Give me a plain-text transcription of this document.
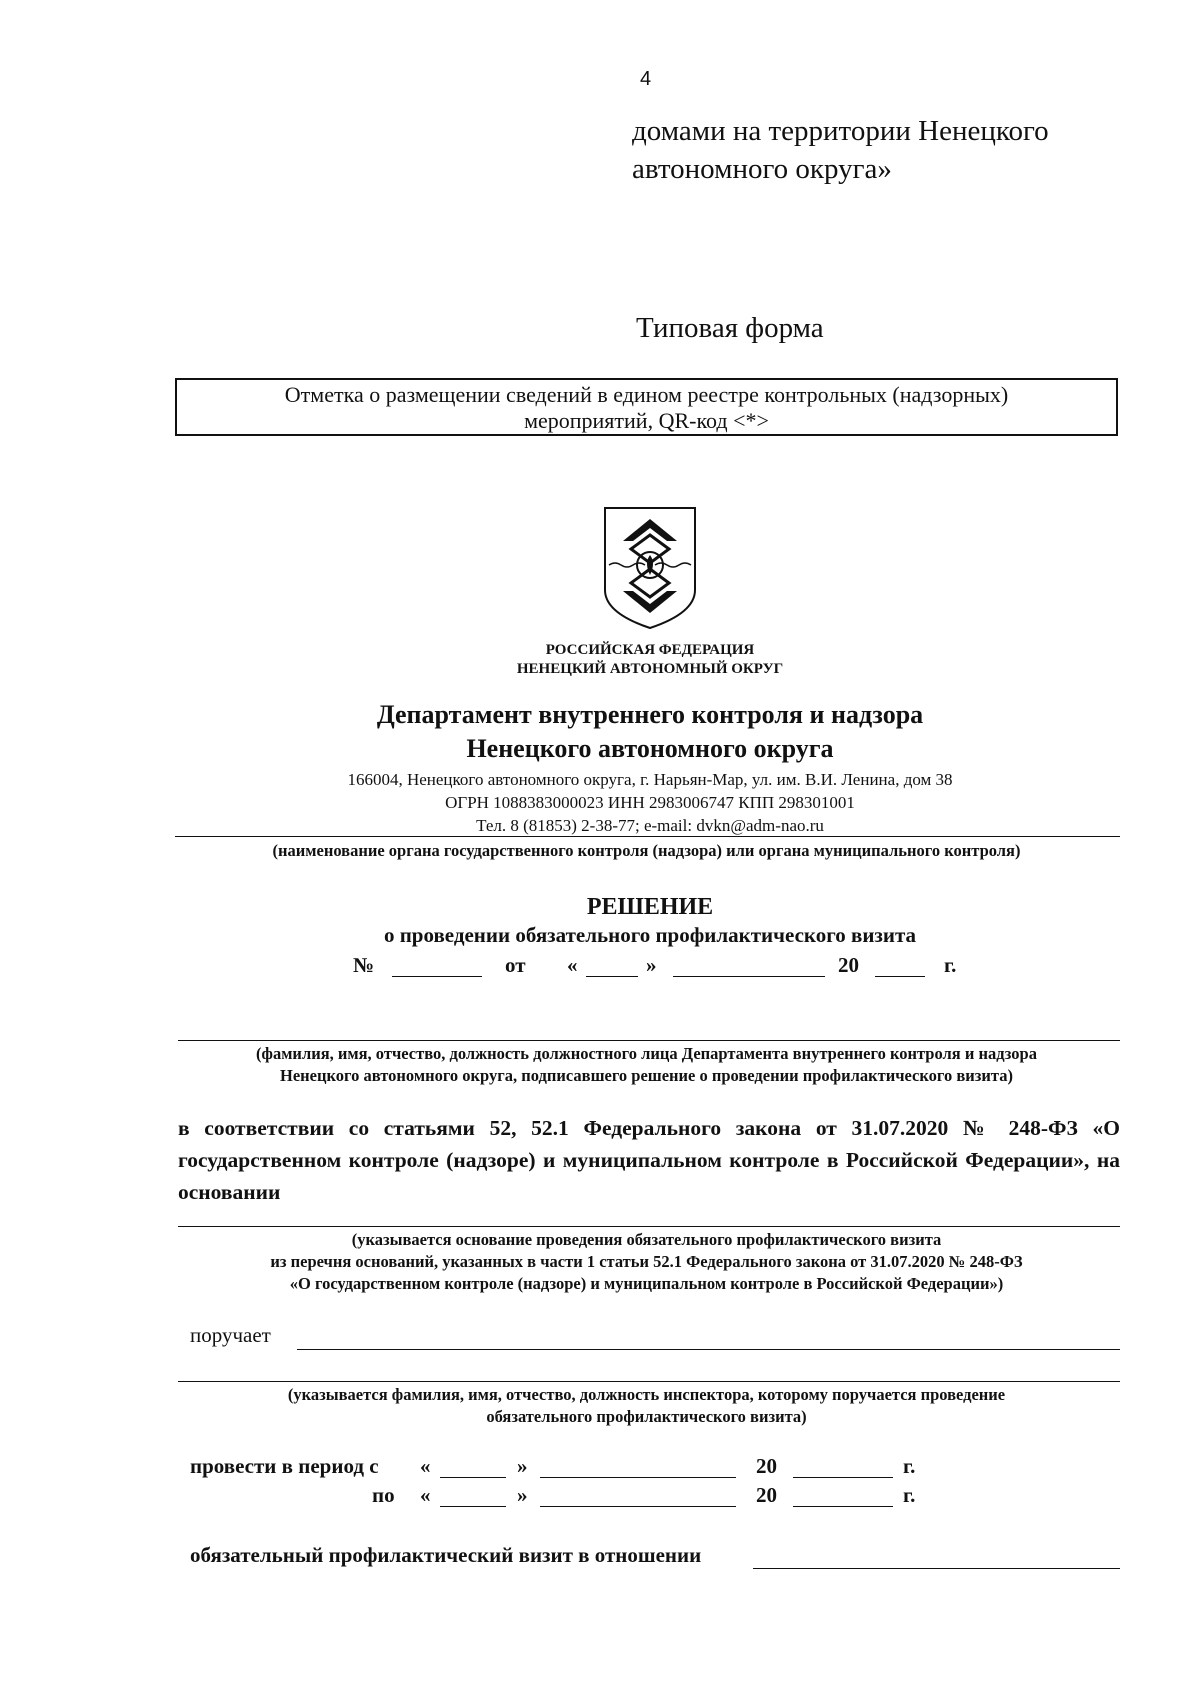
4
домами на территории Ненецкого
автономного округа»
Типовая форма
Отметка о размещении сведений в едином реестре контрольных (надзорных)
мероприятий, QR-код <*>
РОССИЙСКАЯ ФЕДЕРАЦИЯ
НЕНЕЦКИЙ АВТОНОМНЫЙ ОКРУГ
Департамент внутреннего контроля и надзора
Ненецкого автономного округа
166004, Ненецкого автономного округа, г. Нарьян-Мар, ул. им. В.И. Ленина, дом 38
ОГРН 1088383000023 ИНН 2983006747 КПП 298301001
Тел. 8 (81853) 2-38-77; e-mail: dvkn@adm-nao.ru
(наименование органа государственного контроля (надзора) или органа муниципального контроля)
РЕШЕНИЕ
о проведении обязательного профилактического визита
№	от «	»	20	г.
(фамилия, имя, отчество, должность должностного лица Департамента внутреннего контроля и надзора
Ненецкого автономного округа, подписавшего решение о проведении профилактического визита)
в соответствии со статьями 52, 52.1 Федерального закона от 31.07.2020 № 248-ФЗ «О государственном контроле (надзоре) и муниципальном контроле в Российской Федерации», на основании
(указывается основание проведения обязательного профилактического визита
из перечня оснований, указанных в части 1 статьи 52.1 Федерального закона от 31.07.2020 № 248-ФЗ
«О государственном контроле (надзоре) и муниципальном контроле в Российской Федерации»)
поручает
(указывается фамилия, имя, отчество, должность инспектора, которому поручается проведение
обязательного профилактического визита)
провести в период с «	»	20	г.
по «	»	20	г.
обязательный профилактический визит в отношении
